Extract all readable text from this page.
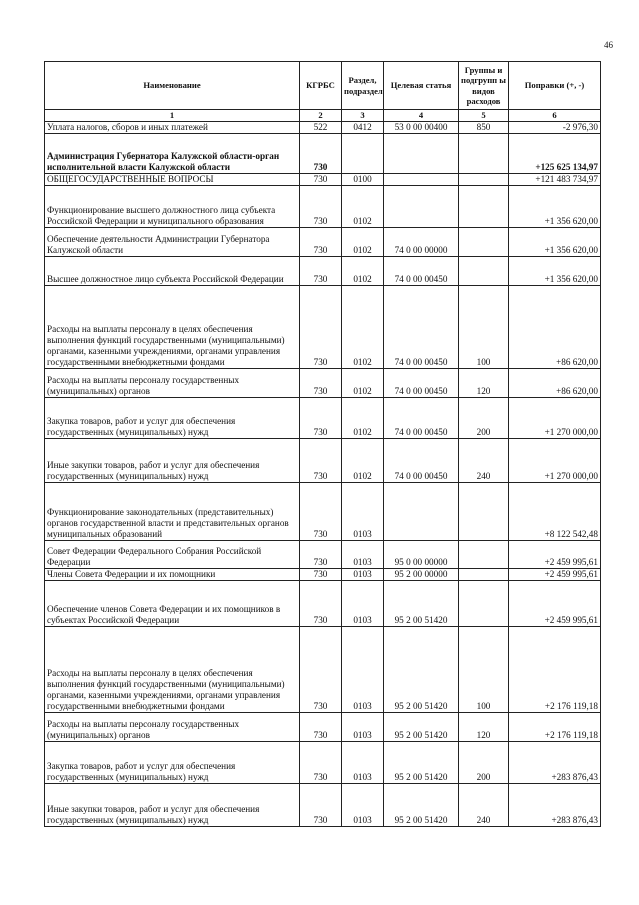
46
Наименование	КГРБС	Раздел, подраздел	Целевая статья	Группы и подгрупп ы видов расходов	Поправки (+, -)
1	2	3	4	5	6
Уплата налогов, сборов и иных платежей	522	0412	53 0 00 00400	850	-2 976,30
Администрация Губернатора Калужской области-орган исполнительной власти Калужской области	730				+125 625 134,97
ОБЩЕГОСУДАРСТВЕННЫЕ ВОПРОСЫ	730	0100			+121 483 734,97
Функционирование высшего должностного лица субъекта Российской Федерации и муниципального образования	730	0102			+1 356 620,00
Обеспечение деятельности Администрации Губернатора Калужской области	730	0102	74 0 00 00000		+1 356 620,00
Высшее должностное лицо субъекта Российской Федерации	730	0102	74 0 00 00450		+1 356 620,00
Расходы на выплаты персоналу в целях обеспечения выполнения функций государственными (муниципальными) органами, казенными учреждениями, органами управления государственными внебюджетными фондами	730	0102	74 0 00 00450	100	+86 620,00
Расходы на выплаты персоналу государственных (муниципальных) органов	730	0102	74 0 00 00450	120	+86 620,00
Закупка товаров, работ и услуг для обеспечения государственных (муниципальных) нужд	730	0102	74 0 00 00450	200	+1 270 000,00
Иные закупки товаров, работ и услуг для обеспечения государственных (муниципальных) нужд	730	0102	74 0 00 00450	240	+1 270 000,00
Функционирование законодательных (представительных) органов государственной власти и представительных органов муниципальных образований	730	0103			+8 122 542,48
Совет Федерации Федерального Собрания Российской Федерации	730	0103	95 0 00 00000		+2 459 995,61
Члены Совета Федерации и их помощники	730	0103	95 2 00 00000		+2 459 995,61
Обеспечение членов Совета Федерации и их помощников в субъектах Российской Федерации	730	0103	95 2 00 51420		+2 459 995,61
Расходы на выплаты персоналу в целях обеспечения выполнения функций государственными (муниципальными) органами, казенными учреждениями, органами управления государственными внебюджетными фондами	730	0103	95 2 00 51420	100	+2 176 119,18
Расходы на выплаты персоналу государственных (муниципальных) органов	730	0103	95 2 00 51420	120	+2 176 119,18
Закупка товаров, работ и услуг для обеспечения государственных (муниципальных) нужд	730	0103	95 2 00 51420	200	+283 876,43
Иные закупки товаров, работ и услуг для обеспечения государственных (муниципальных) нужд	730	0103	95 2 00 51420	240	+283 876,43
